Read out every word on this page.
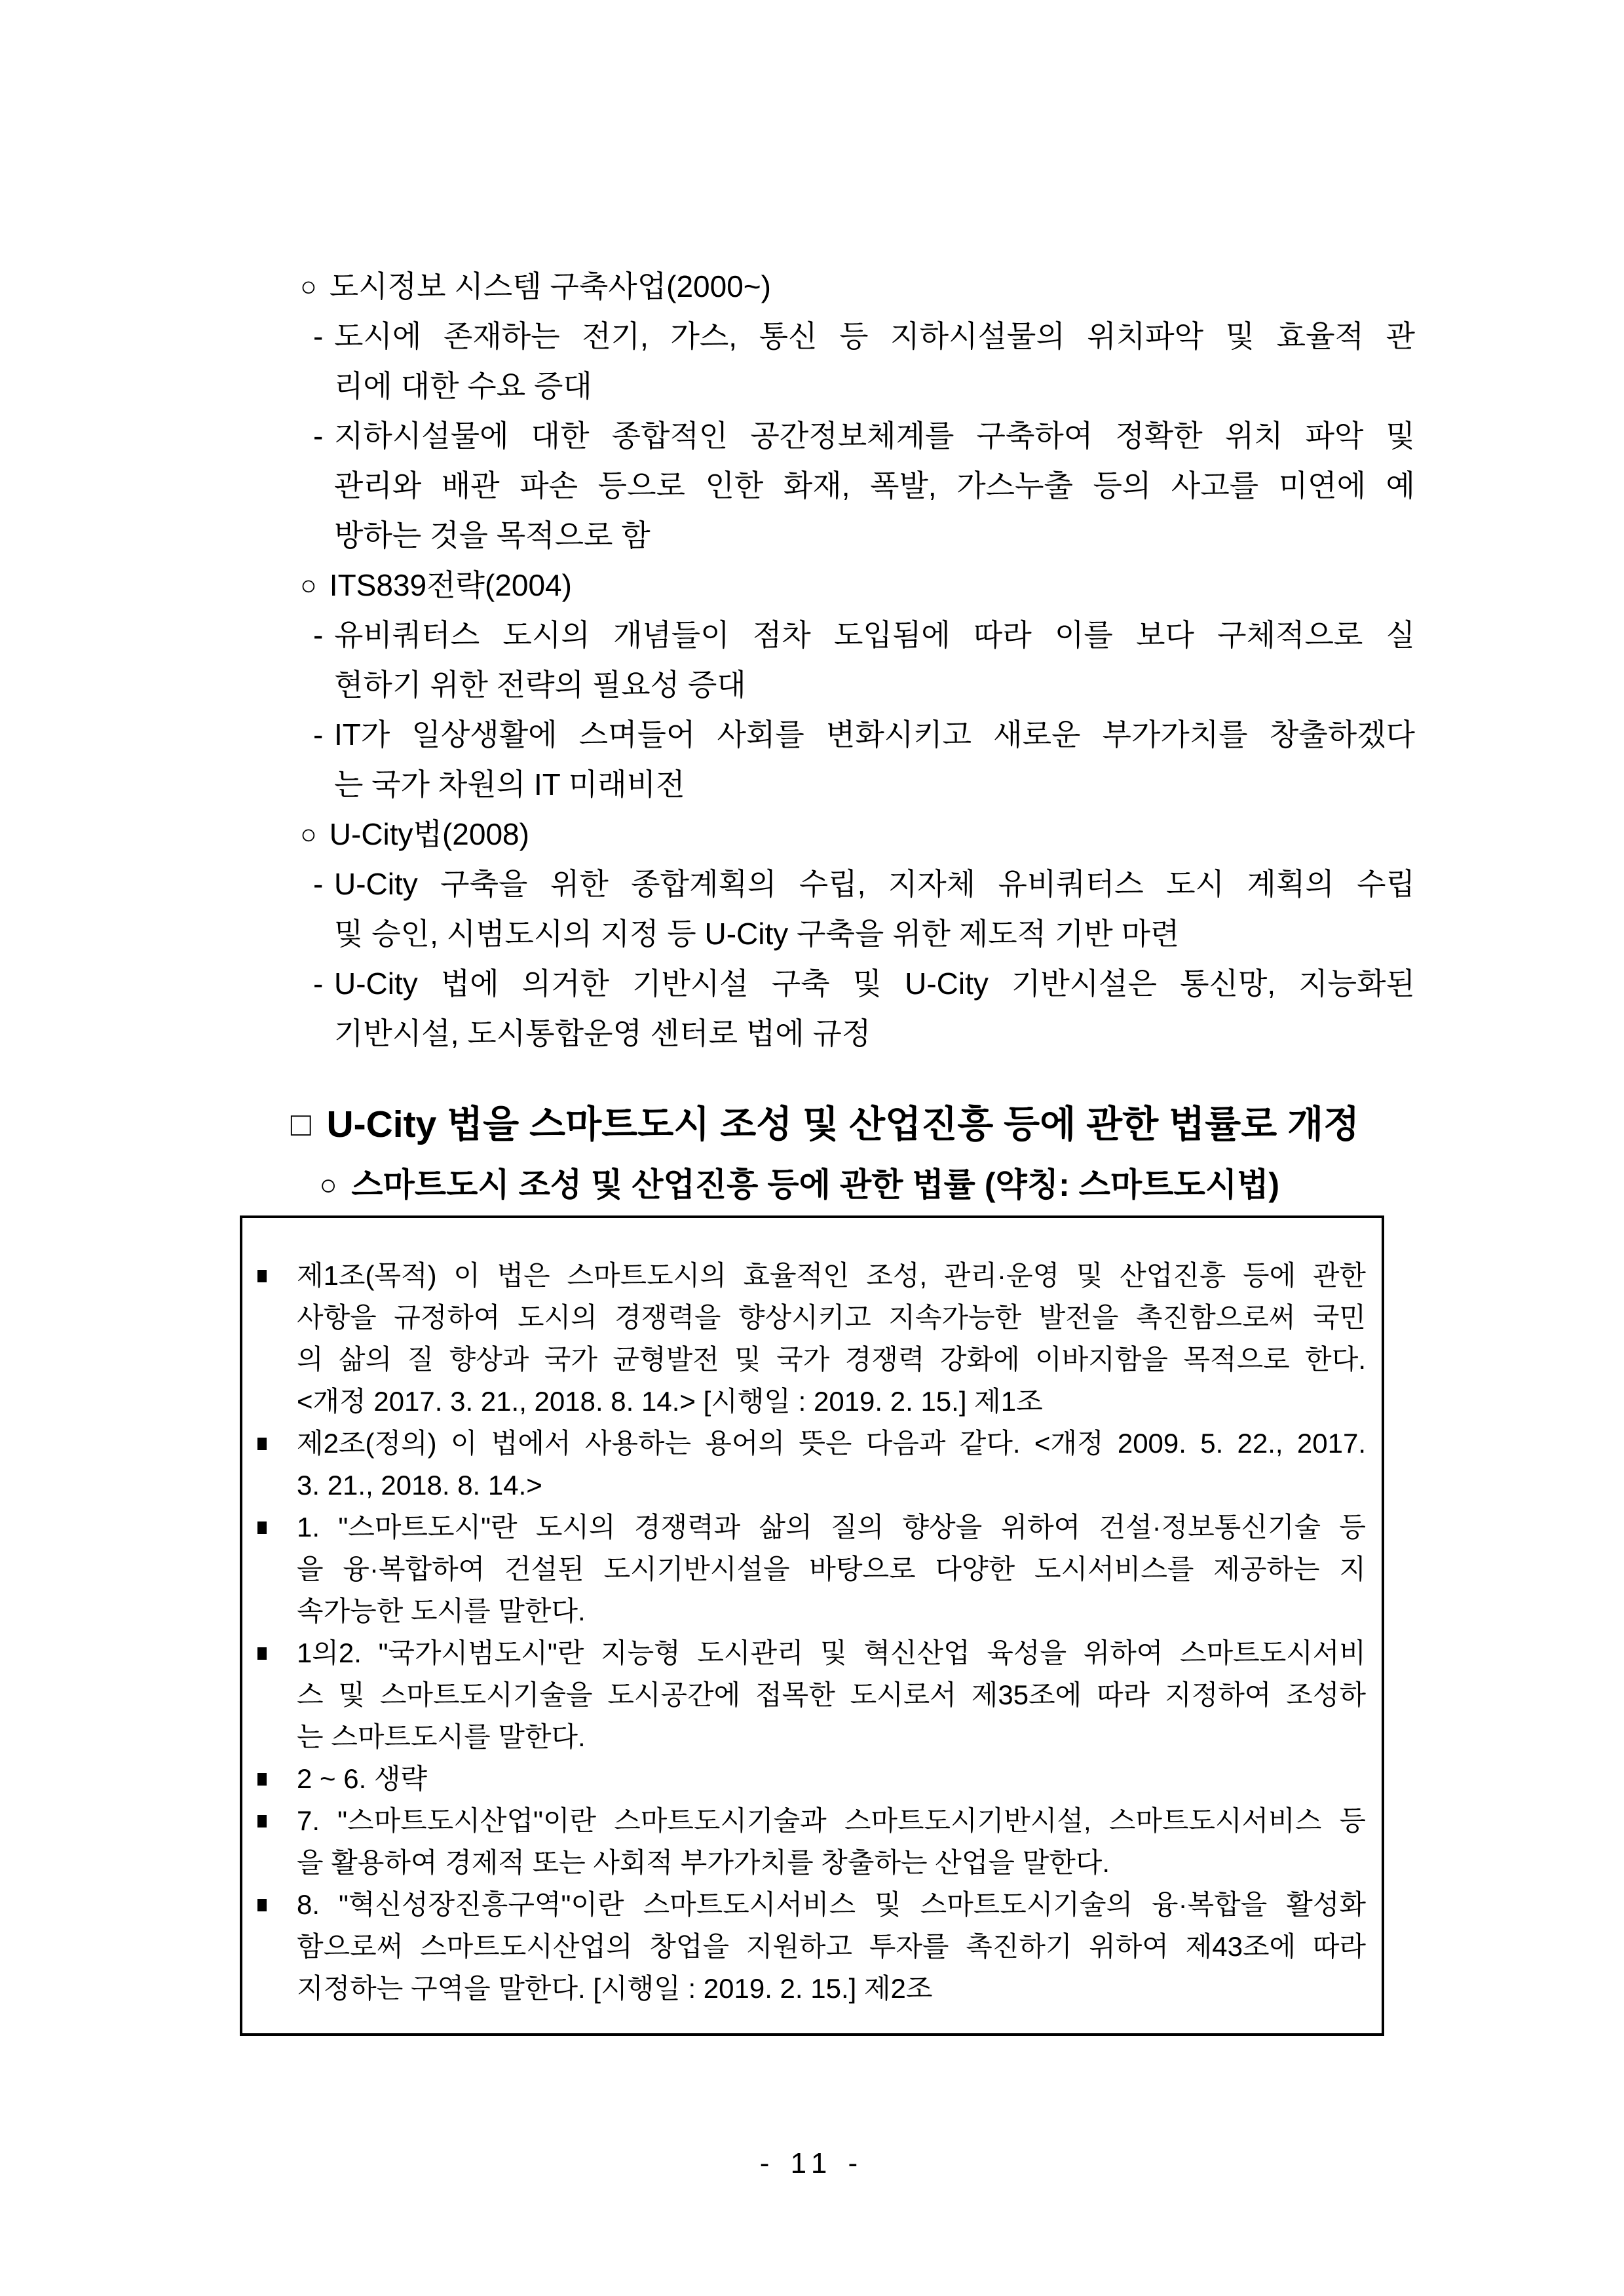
○ 도시정보 시스템 구축사업(2000~)
- 도시에 존재하는 전기, 가스, 통신 등 지하시설물의 위치파악 및 효율적 관
리에 대한 수요 증대
- 지하시설물에 대한 종합적인 공간정보체계를 구축하여 정확한 위치 파악 및
관리와 배관 파손 등으로 인한 화재, 폭발, 가스누출 등의 사고를 미연에 예
방하는 것을 목적으로 함
○ ITS839전략(2004)
- 유비쿼터스 도시의 개념들이 점차 도입됨에 따라 이를 보다 구체적으로 실
현하기 위한 전략의 필요성 증대
- IT가 일상생활에 스며들어 사회를 변화시키고 새로운 부가가치를 창출하겠다
는 국가 차원의 IT 미래비전
○ U-City법(2008)
- U-City 구축을 위한 종합계획의 수립, 지자체 유비쿼터스 도시 계획의 수립
및 승인, 시범도시의 지정 등 U-City 구축을 위한 제도적 기반 마련
- U-City 법에 의거한 기반시설 구축 및 U-City 기반시설은 통신망, 지능화된
기반시설, 도시통합운영 센터로 법에 규정
□ U-City 법을 스마트도시 조성 및 산업진흥 등에 관한 법률로 개정
○ 스마트도시 조성 및 산업진흥 등에 관한 법률 (약칭: 스마트도시법)
제1조(목적) 이 법은 스마트도시의 효율적인 조성, 관리·운영 및 산업진흥 등에 관한
사항을 규정하여 도시의 경쟁력을 향상시키고 지속가능한 발전을 촉진함으로써 국민
의 삶의 질 향상과 국가 균형발전 및 국가 경쟁력 강화에 이바지함을 목적으로 한다.
<개정 2017. 3. 21., 2018. 8. 14.> [시행일 : 2019. 2. 15.] 제1조
제2조(정의) 이 법에서 사용하는 용어의 뜻은 다음과 같다. <개정 2009. 5. 22., 2017.
3. 21., 2018. 8. 14.>
1. "스마트도시"란 도시의 경쟁력과 삶의 질의 향상을 위하여 건설·정보통신기술 등
을 융·복합하여 건설된 도시기반시설을 바탕으로 다양한 도시서비스를 제공하는 지
속가능한 도시를 말한다.
1의2. "국가시범도시"란 지능형 도시관리 및 혁신산업 육성을 위하여 스마트도시서비
스 및 스마트도시기술을 도시공간에 접목한 도시로서 제35조에 따라 지정하여 조성하
는 스마트도시를 말한다.
2 ~ 6. 생략
7. "스마트도시산업"이란 스마트도시기술과 스마트도시기반시설, 스마트도시서비스 등
을 활용하여 경제적 또는 사회적 부가가치를 창출하는 산업을 말한다.
8. "혁신성장진흥구역"이란 스마트도시서비스 및 스마트도시기술의 융·복합을 활성화
함으로써 스마트도시산업의 창업을 지원하고 투자를 촉진하기 위하여 제43조에 따라
지정하는 구역을 말한다. [시행일 : 2019. 2. 15.] 제2조
- 11 -
